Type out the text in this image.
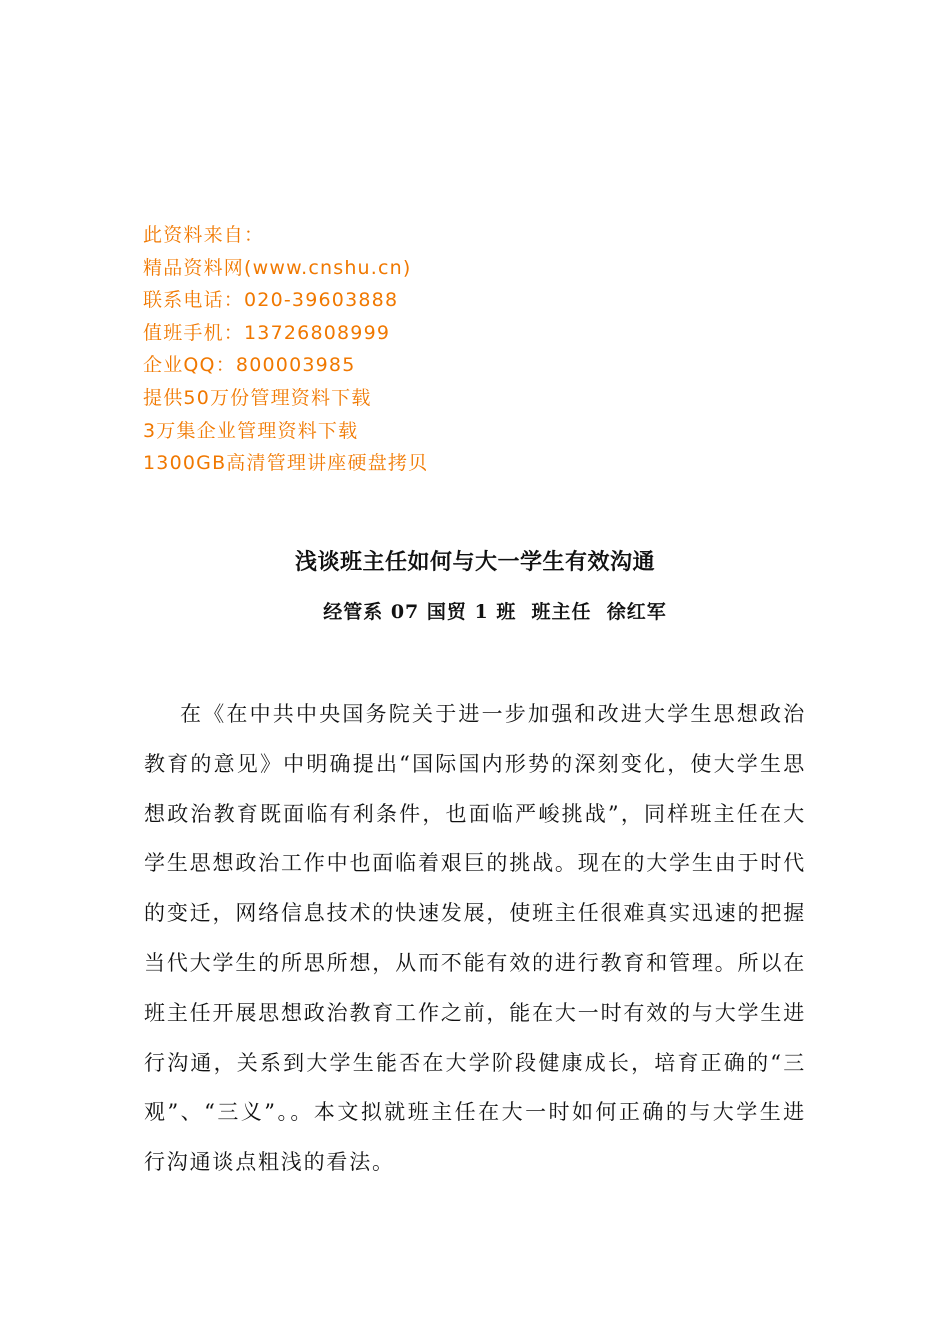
此资料来自：
精品资料网(www.cnshu.cn)
联系电话：020-39603888
值班手机：13726808999
企业QQ：800003985
提供50万份管理资料下载
3万集企业管理资料下载
1300GB高清管理讲座硬盘拷贝
浅谈班主任如何与大一学生有效沟通
经管系 07 国贸 1 班  班主任  徐红军

在《在中共中央国务院关于进一步加强和改进大学生思想政治教育的意见》中明确提出“国际国内形势的深刻变化，使大学生思想政治教育既面临有利条件，也面临严峻挑战”，同样班主任在大学生思想政治工作中也面临着艰巨的挑战。现在的大学生由于时代的变迁，网络信息技术的快速发展，使班主任很难真实迅速的把握当代大学生的所思所想，从而不能有效的进行教育和管理。所以在班主任开展思想政治教育工作之前，能在大一时有效的与大学生进行沟通，关系到大学生能否在大学阶段健康成长，培育正确的“三观”、“三义”。。本文拟就班主任在大一时如何正确的与大学生进行沟通谈点粗浅的看法。
